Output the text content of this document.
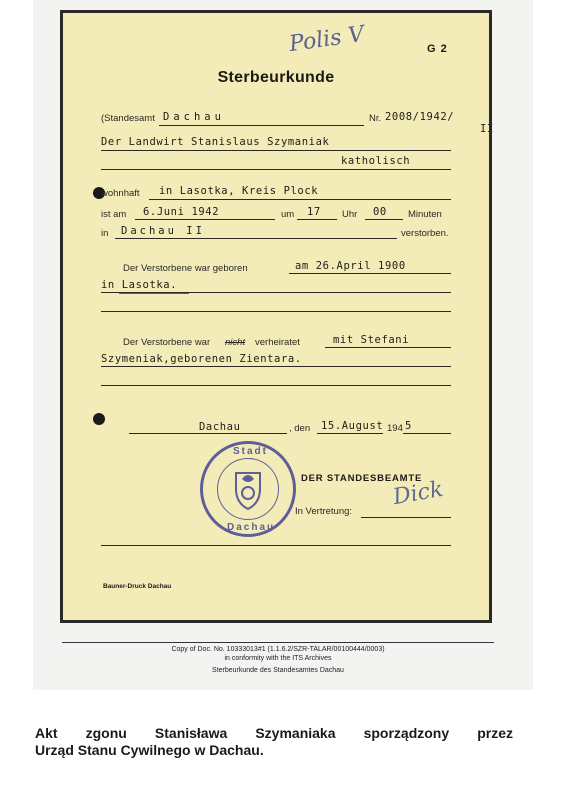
Polis V	G 2
Sterbeurkunde
(Standesamt Dachau	Nr. 2008/1942/
II
Der Landwirt Stanislaus Szymaniak
katholisch
wohnhaft in Lasotka, Kreis Plock
ist am 6.Juni 1942	um 17 Uhr 00 Minuten
in Dachau II	verstorben.
Der Verstorbene war geboren	am 26.April 1900
in Lasotka.
Der Verstorbene war nicht verheiratet	mit Stefani
Szymeniak,geborenen Zientara.
Dachau	, den 15.August 194 5
DER STANDESBEAMTE
In Vertretung:
Dick
Stadt
Dachau
Bauner-Druck Dachau
Copy of Doc. No. 10333013#1 (1.1.6.2/SZR-TALAR/00100444/0003)
in conformity with the ITS Archives
Sterbeurkunde des Standesamtes Dachau
Akt zgonu Stanisława Szymaniaka sporządzony przez
Urząd Stanu Cywilnego w Dachau.
